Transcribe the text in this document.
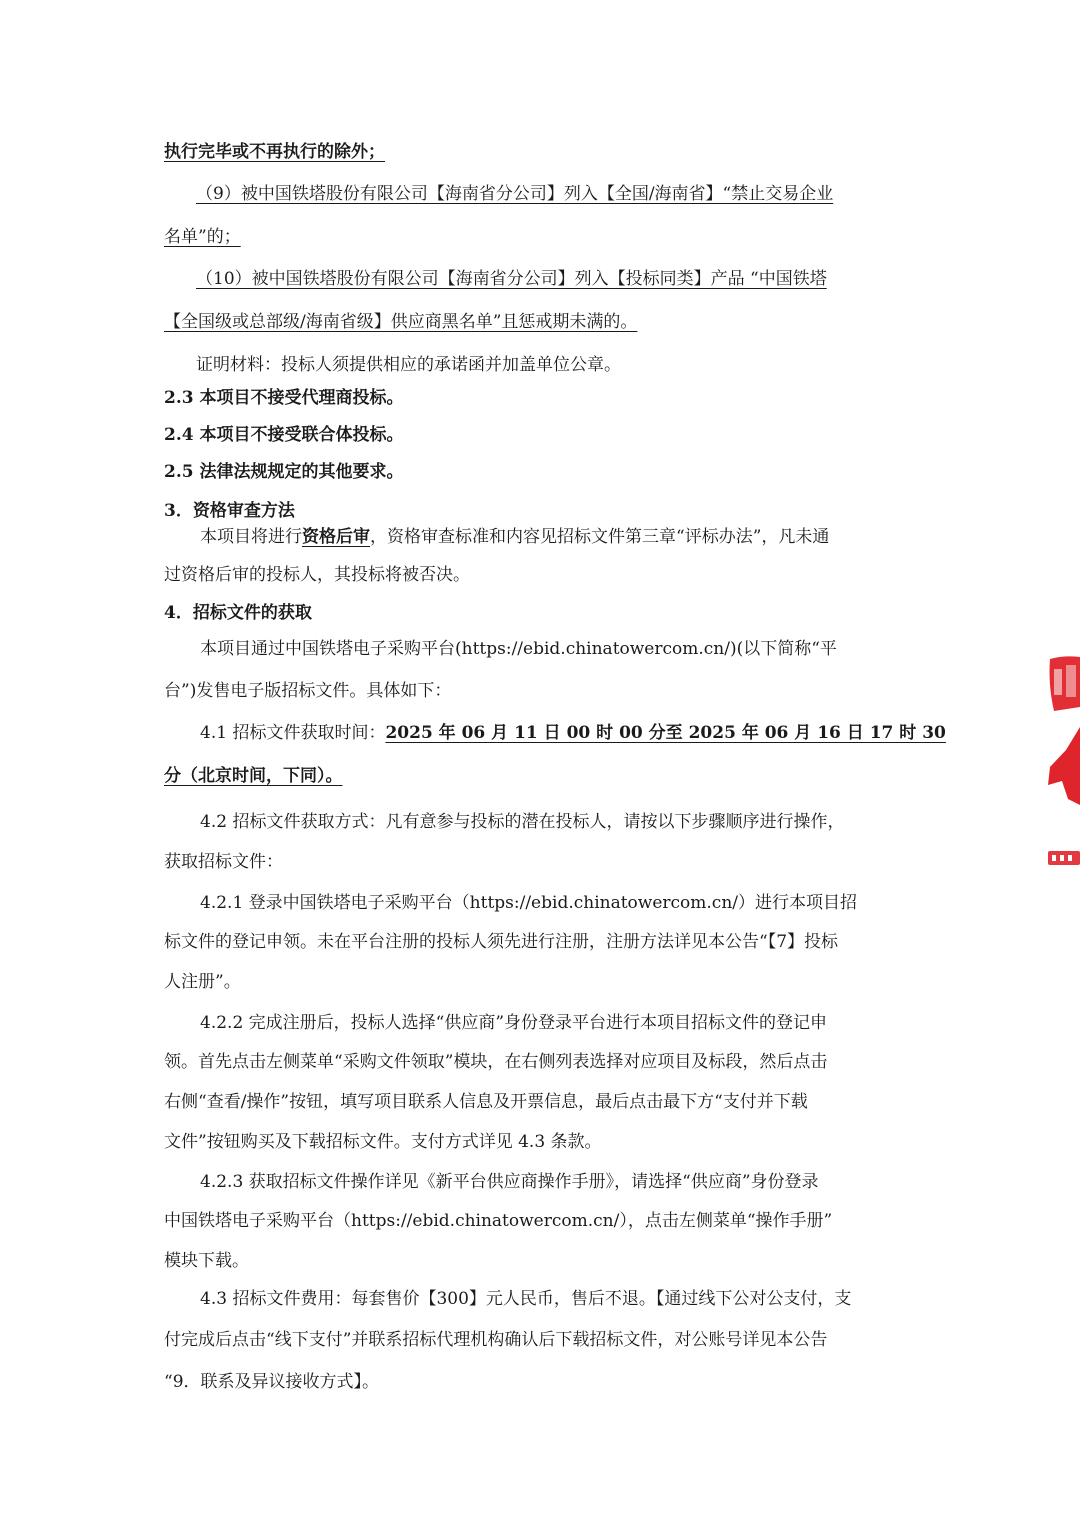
执行完毕或不再执行的除外；
（9）被中国铁塔股份有限公司【海南省分公司】列入【全国/海南省】“禁止交易企业
名单”的；
（10）被中国铁塔股份有限公司【海南省分公司】列入【投标同类】产品 “中国铁塔
【全国级或总部级/海南省级】供应商黑名单”且惩戒期未满的。
证明材料：投标人须提供相应的承诺函并加盖单位公章。
2.3 本项目不接受代理商投标。
2.4 本项目不接受联合体投标。
2.5 法律法规规定的其他要求。
3．资格审查方法
本项目将进行资格后审，资格审查标准和内容见招标文件第三章“评标办法”，凡未通
过资格后审的投标人，其投标将被否决。
4．招标文件的获取
本项目通过中国铁塔电子采购平台(https://ebid.chinatowercom.cn/)(以下简称“平
台”)发售电子版招标文件。具体如下：
4.1 招标文件获取时间：2025 年 06 月 11 日 00 时 00 分至 2025 年 06 月 16 日 17 时 30
分（北京时间，下同）。
4.2 招标文件获取方式：凡有意参与投标的潜在投标人，请按以下步骤顺序进行操作，
获取招标文件：
4.2.1 登录中国铁塔电子采购平台（https://ebid.chinatowercom.cn/）进行本项目招
标文件的登记申领。未在平台注册的投标人须先进行注册，注册方法详见本公告“【7】投标
人注册”。
4.2.2 完成注册后，投标人选择“供应商”身份登录平台进行本项目招标文件的登记申
领。首先点击左侧菜单“采购文件领取”模块，在右侧列表选择对应项目及标段，然后点击
右侧“查看/操作”按钮，填写项目联系人信息及开票信息，最后点击最下方“支付并下载
文件”按钮购买及下载招标文件。支付方式详见 4.3 条款。
4.2.3 获取招标文件操作详见《新平台供应商操作手册》，请选择“供应商”身份登录
中国铁塔电子采购平台（https://ebid.chinatowercom.cn/），点击左侧菜单“操作手册”
模块下载。
4.3 招标文件费用：每套售价【300】元人民币，售后不退。【通过线下公对公支付，支
付完成后点击“线下支付”并联系招标代理机构确认后下载招标文件，对公账号详见本公告
“9．联系及异议接收方式】。
